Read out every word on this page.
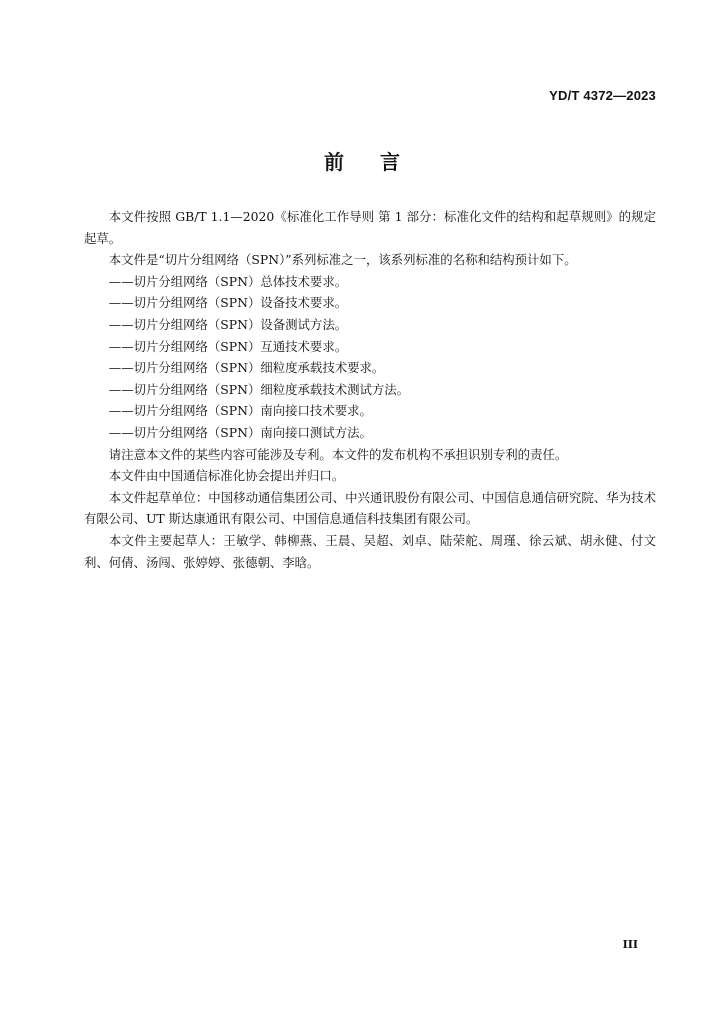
YD/T 4372—2023
前 言

本文件按照 GB/T 1.1—2020《标准化工作导则 第 1 部分：标准化文件的结构和起草规则》的规定起草。

本文件是“切片分组网络（SPN）”系列标准之一，该系列标准的名称和结构预计如下。

——切片分组网络（SPN）总体技术要求。

——切片分组网络（SPN）设备技术要求。

——切片分组网络（SPN）设备测试方法。

——切片分组网络（SPN）互通技术要求。

——切片分组网络（SPN）细粒度承载技术要求。

——切片分组网络（SPN）细粒度承载技术测试方法。

——切片分组网络（SPN）南向接口技术要求。

——切片分组网络（SPN）南向接口测试方法。

请注意本文件的某些内容可能涉及专利。本文件的发布机构不承担识别专利的责任。

本文件由中国通信标准化协会提出并归口。

本文件起草单位：中国移动通信集团公司、中兴通讯股份有限公司、中国信息通信研究院、华为技术有限公司、UT 斯达康通讯有限公司、中国信息通信科技集团有限公司。

本文件主要起草人：王敏学、韩柳燕、王晨、吴超、刘卓、陆荣舵、周瑾、徐云斌、胡永健、付文利、何倩、汤闯、张婷婷、张德朝、李晗。

III
